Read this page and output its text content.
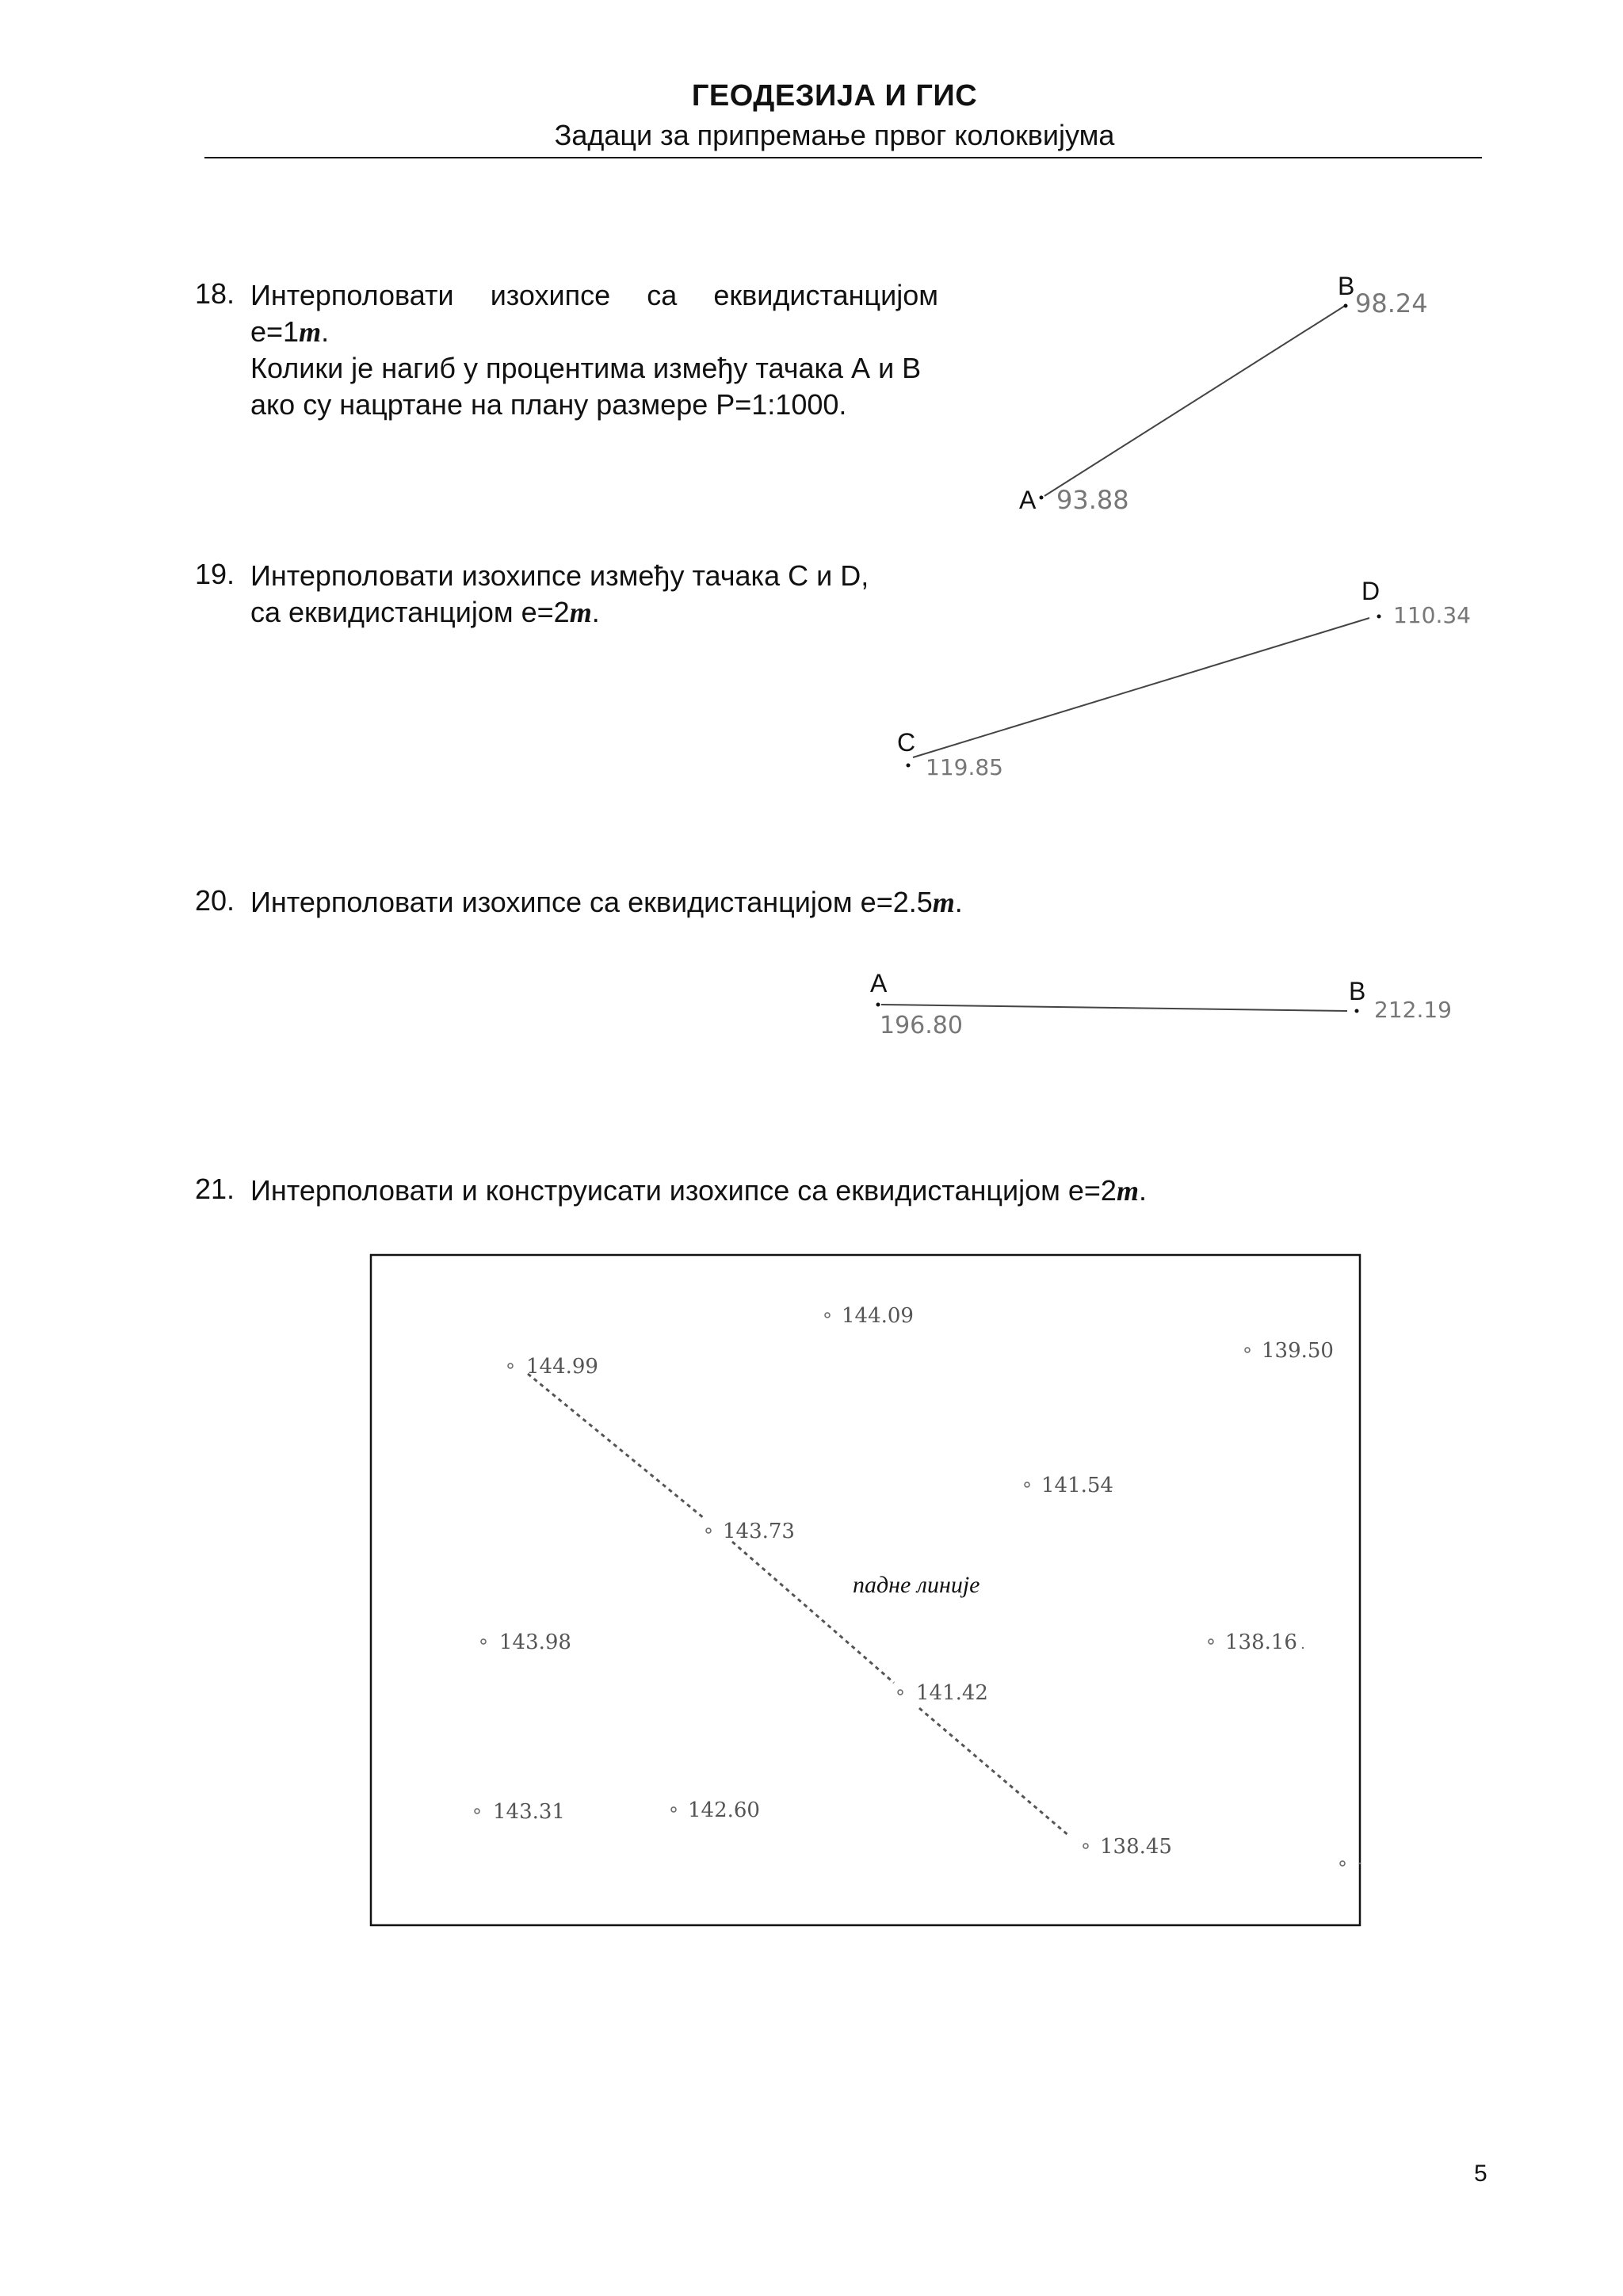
ГЕОДЕЗИЈА И ГИС
Задаци за припремање првог колоквијума
18. Интерполовати изохипсе са еквидистанцијом е=1m.
Колики је нагиб у процентима између тачака А и В
ако су нацртане на плану размере Р=1:1000.
19. Интерполовати изохипсе између тачака C и D,
са еквидистанцијом е=2m.
20. Интерполовати изохипсе са еквидистанцијом е=2.5m.
21. Интерполовати и конструисати изохипсе са еквидистанцијом е=2m.
A
B
93.88
98.24
C
D
119.85
110.34
A	B
196.80
212.19
144.09
144.99
139.50
141.54
143.73
143.98	138.16
141.42
143.31	142.60
138.45
падне линије
5
